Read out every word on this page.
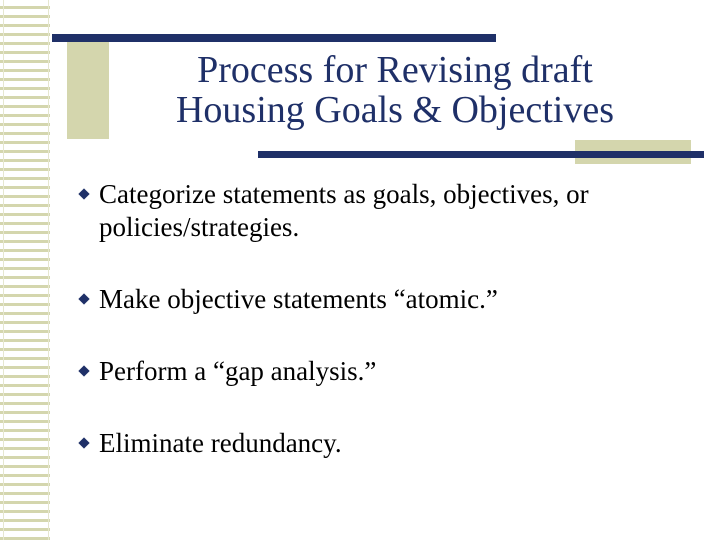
Process for Revising draft
Housing Goals & Objectives
Categorize statements as goals, objectives, or policies/strategies.
Make objective statements “atomic.”
Perform a “gap analysis.”
Eliminate redundancy.
